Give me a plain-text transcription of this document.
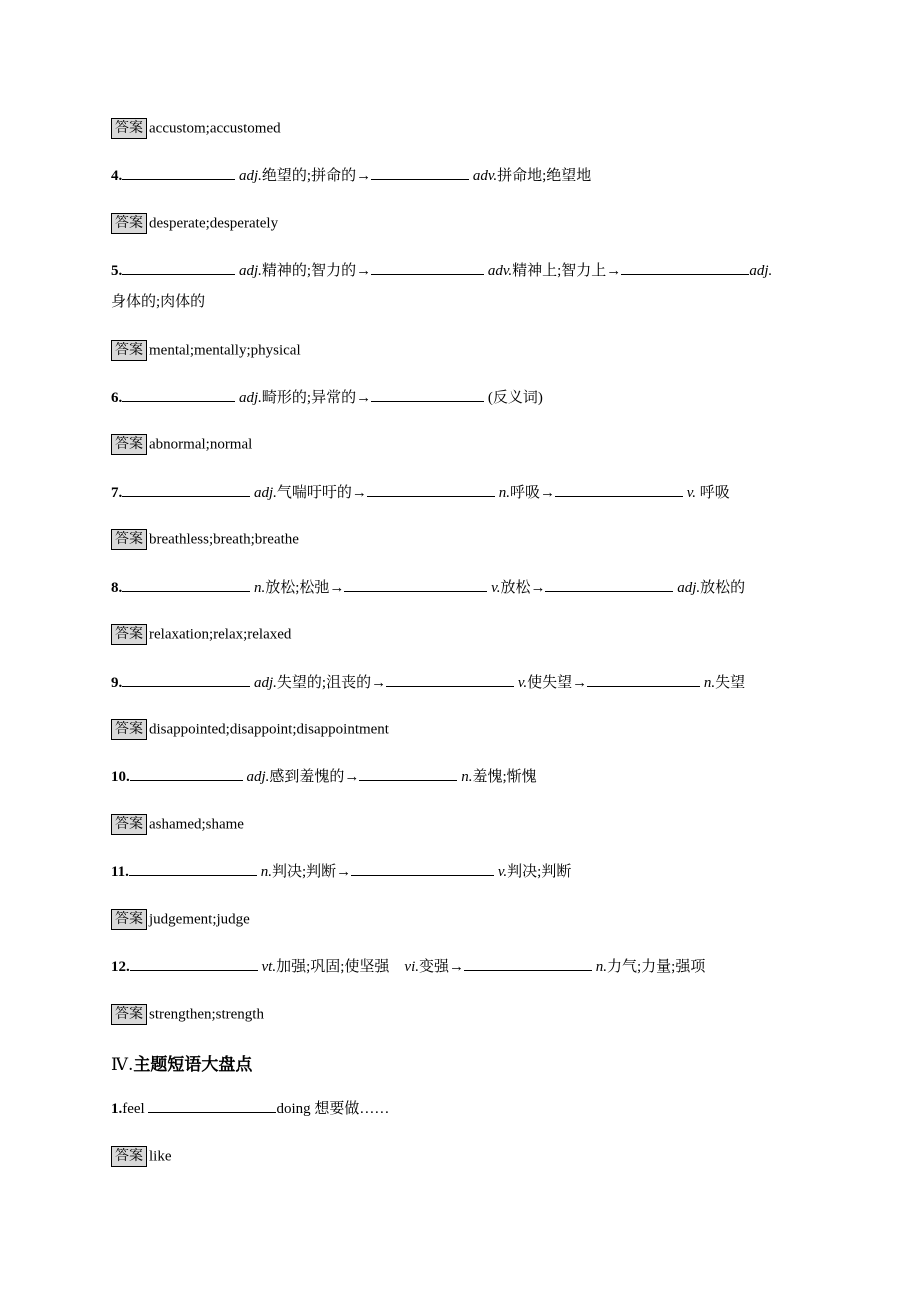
答案 accustom;accustomed
4.	adj.绝望的;拼命的→	adv.拼命地;绝望地
答案 desperate;desperately
5.	adj.精神的;智力的→	adv.精神上;智力上→	adj.
身体的;肉体的
答案 mental;mentally;physical
6.	adj.畸形的;异常的→	(反义词)
答案 abnormal;normal
7.	adj.气喘吁吁的→	n.呼吸→	v. 呼吸
答案 breathless;breath;breathe
8.	n.放松;松弛→	v.放松→	adj.放松的
答案 relaxation;relax;relaxed
9.	adj.失望的;沮丧的→	v.使失望→	n.失望
答案 disappointed;disappoint;disappointment
10.	adj.感到羞愧的→	n.羞愧;惭愧
答案 ashamed;shame
11.	n.判决;判断→	v.判决;判断
答案 judgement;judge
12.	vt.加强;巩固;使坚强　vi.变强→	n.力气;力量;强项
答案 strengthen;strength
Ⅳ.主题短语大盘点
1.feel	doing 想要做……
答案 like
